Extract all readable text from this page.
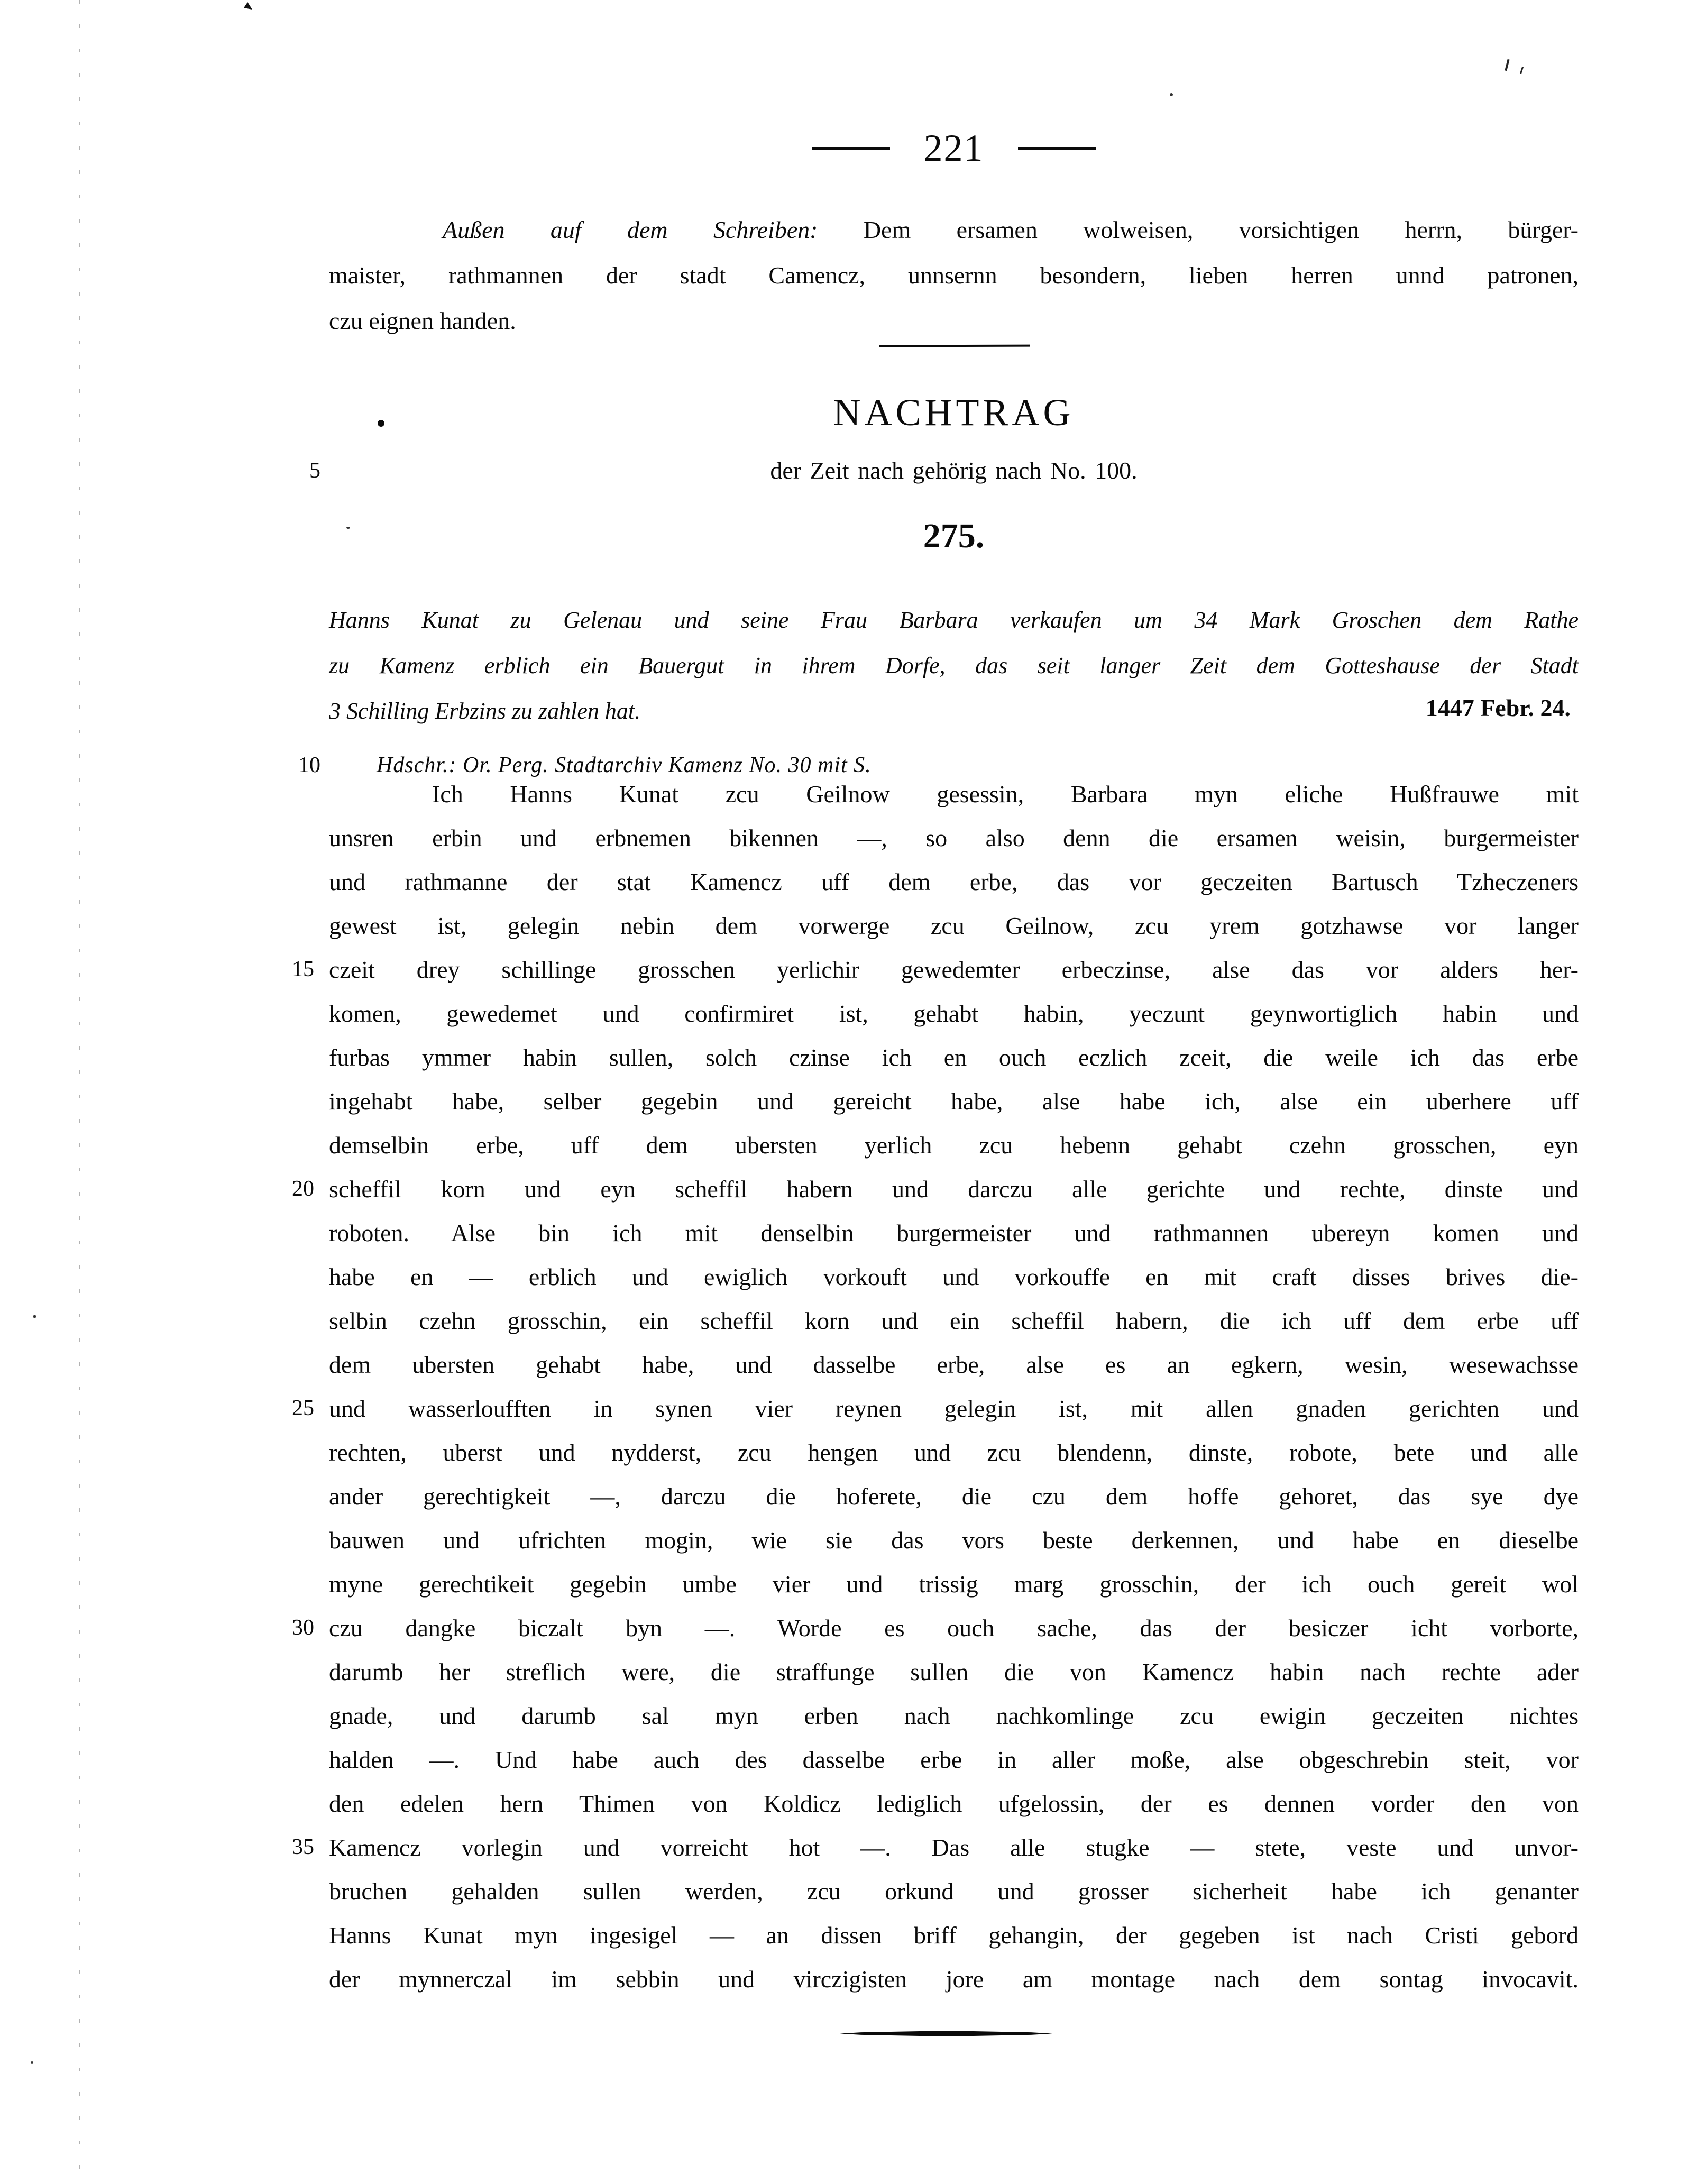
221
Außen auf dem Schreiben: Dem ersamen wolweisen, vorsichtigen herrn, bürger-
maister, rathmannen der stadt Camencz, unnsernn besondern, lieben herren unnd patronen,
czu eignen handen.
NACHTRAG
5	der Zeit nach gehörig nach No. 100.
275.
Hanns Kunat zu Gelenau und seine Frau Barbara verkaufen um 34 Mark Groschen dem Rathe
zu Kamenz erblich ein Bauergut in ihrem Dorfe, das seit langer Zeit dem Gotteshause der Stadt
3 Schilling Erbzins zu zahlen hat.	1447 Febr. 24.
10	Hdschr.: Or. Perg. Stadtarchiv Kamenz No. 30 mit S.
Ich Hanns Kunat zcu Geilnow gesessin, Barbara myn eliche Hußfrauwe mit
unsren erbin und erbnemen bikennen —, so also denn die ersamen weisin, burgermeister
und rathmanne der stat Kamencz uff dem erbe, das vor geczeiten Bartusch Tzheczeners
gewest ist, gelegin nebin dem vorwerge zcu Geilnow, zcu yrem gotzhawse vor langer
15 czeit drey schillinge grosschen yerlichir gewedemter erbeczinse, alse das vor alders her-
komen, gewedemet und confirmiret ist, gehabt habin, yeczunt geynwortiglich habin und
furbas ymmer habin sullen, solch czinse ich en ouch eczlich zceit, die weile ich das erbe
ingehabt habe, selber gegebin und gereicht habe, alse habe ich, alse ein uberhere uff
demselbin erbe, uff dem ubersten yerlich zcu hebenn gehabt czehn grosschen, eyn
20 scheffil korn und eyn scheffil habern und darczu alle gerichte und rechte, dinste und
roboten. Alse bin ich mit denselbin burgermeister und rathmannen ubereyn komen und
habe en — erblich und ewiglich vorkouft und vorkouffe en mit craft disses brives die-
selbin czehn grosschin, ein scheffil korn und ein scheffil habern, die ich uff dem erbe uff
dem ubersten gehabt habe, und dasselbe erbe, alse es an egkern, wesin, wesewachsse
25 und wasserloufften in synen vier reynen gelegin ist, mit allen gnaden gerichten und
rechten, uberst und nydderst, zcu hengen und zcu blendenn, dinste, robote, bete und alle
ander gerechtigkeit —, darczu die hoferete, die czu dem hoffe gehoret, das sye dye
bauwen und ufrichten mogin, wie sie das vors beste derkennen, und habe en dieselbe
myne gerechtikeit gegebin umbe vier und trissig marg grosschin, der ich ouch gereit wol
30 czu dangke biczalt byn —. Worde es ouch sache, das der besiczer icht vorborte,
darumb her streflich were, die straffunge sullen die von Kamencz habin nach rechte ader
gnade, und darumb sal myn erben nach nachkomlinge zcu ewigin geczeiten nichtes
halden —. Und habe auch des dasselbe erbe in aller moße, alse obgeschrebin steit, vor
den edelen hern Thimen von Koldicz lediglich ufgelossin, der es dennen vorder den von
35 Kamencz vorlegin und vorreicht hot —. Das alle stugke — stete, veste und unvor-
bruchen gehalden sullen werden, zcu orkund und grosser sicherheit habe ich genanter
Hanns Kunat myn ingesigel — an dissen briff gehangin, der gegeben ist nach Cristi gebord
der mynnerczal im sebbin und virczigisten jore am montage nach dem sontag invocavit.
